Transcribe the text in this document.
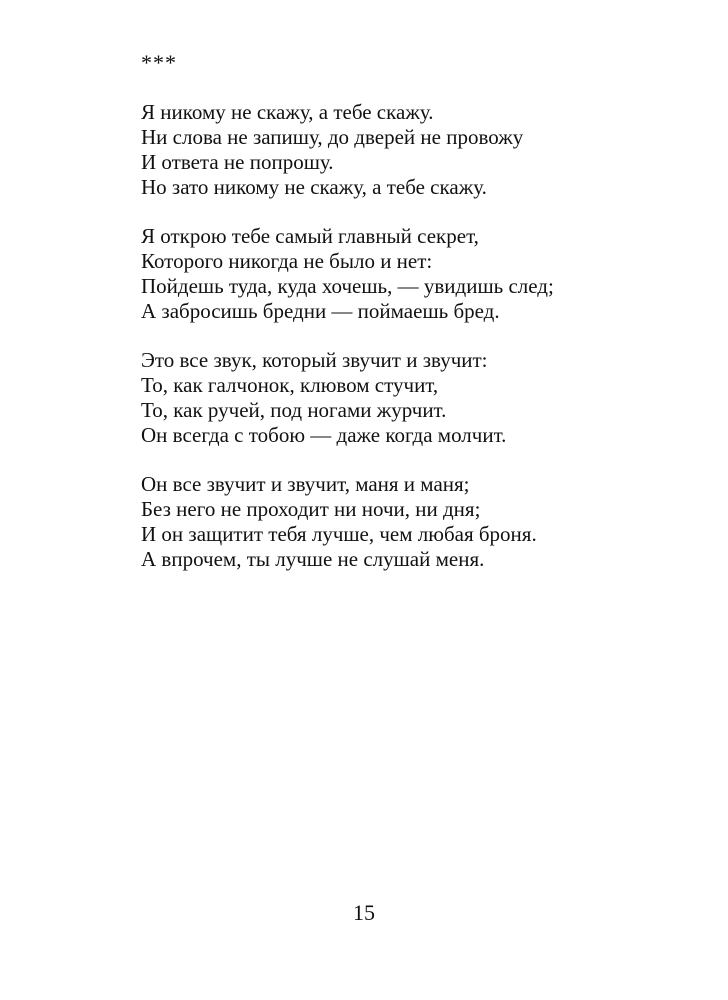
***
Я никому не скажу, а тебе скажу.
Ни слова не запишу, до дверей не провожу
И ответа не попрошу.
Но зато никому не скажу, а тебе скажу.
Я открою тебе самый главный секрет,
Которого никогда не было и нет:
Пойдешь туда, куда хочешь, — увидишь след;
А забросишь бредни — поймаешь бред.
Это все звук, который звучит и звучит:
То, как галчонок, клювом стучит,
То, как ручей, под ногами журчит.
Он всегда с тобою — даже когда молчит.
Он все звучит и звучит, маня и маня;
Без него не проходит ни ночи, ни дня;
И он защитит тебя лучше, чем любая броня.
А впрочем, ты лучше не слушай меня.
15
